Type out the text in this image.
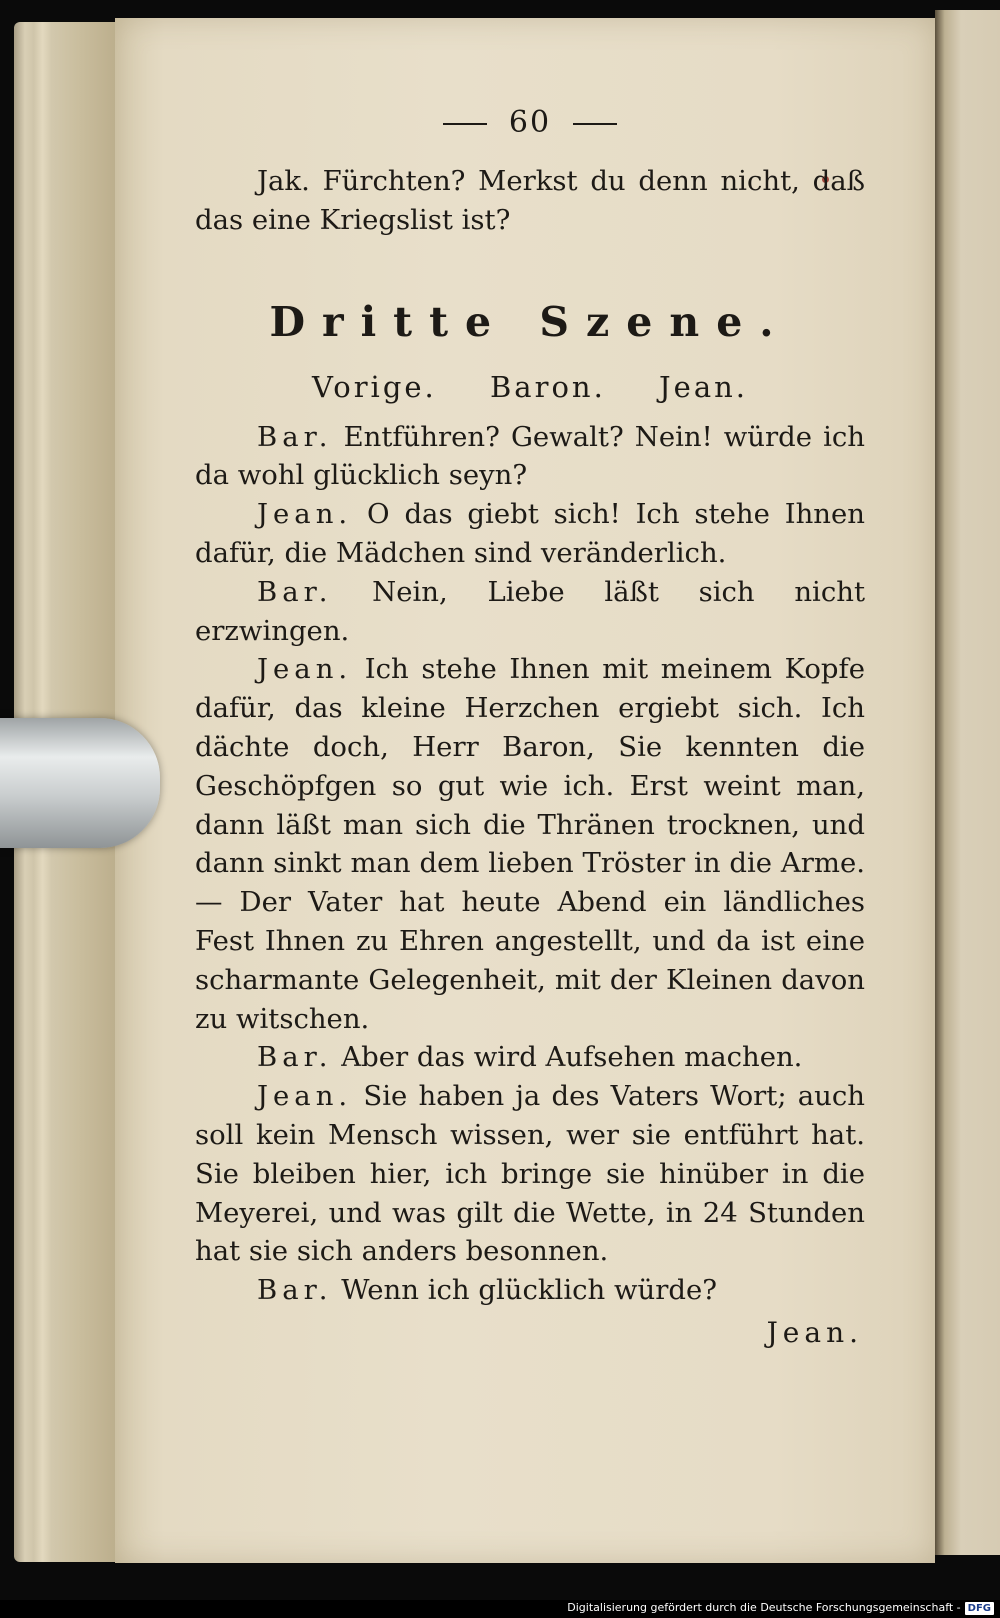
60

Jak. Fürchten? Merkst du denn nicht, daß das eine Kriegslist ist?

Dritte Szene.
Vorige. Baron. Jean.

Bar. Entführen? Gewalt? Nein! würde ich da wohl glücklich seyn?

Jean. O das giebt sich! Ich stehe Ihnen dafür, die Mädchen sind veränderlich.

Bar. Nein, Liebe läßt sich nicht erzwingen.

Jean. Ich stehe Ihnen mit meinem Kopfe dafür, das kleine Herzchen ergiebt sich. Ich dächte doch, Herr Baron, Sie kennten die Geschöpfgen so gut wie ich. Erst weint man, dann läßt man sich die Thränen trocknen, und dann sinkt man dem lieben Tröster in die Arme. — Der Vater hat heute Abend ein ländliches Fest Ihnen zu Ehren angestellt, und da ist eine scharmante Gelegenheit, mit der Kleinen davon zu witschen.

Bar. Aber das wird Aufsehen machen.

Jean. Sie haben ja des Vaters Wort; auch soll kein Mensch wissen, wer sie entführt hat. Sie bleiben hier, ich bringe sie hinüber in die Meyerei, und was gilt die Wette, in 24 Stunden hat sie sich anders besonnen.

Bar. Wenn ich glücklich würde?

Jean.
Digitalisierung gefördert durch die Deutsche Forschungsgemeinschaft - DFG
